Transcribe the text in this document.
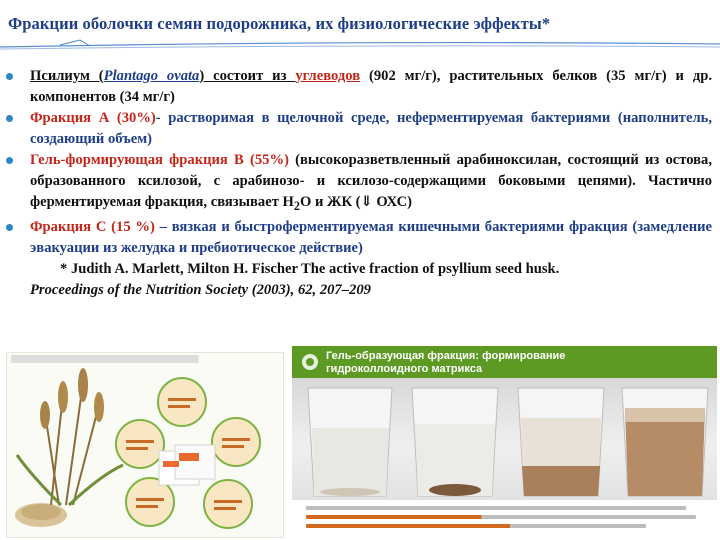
Фракции оболочки семян подорожника, их физиологические эффекты*
Псилиум (Plantago ovata) состоит из углеводов (902 мг/г), растительных белков (35 мг/г) и др. компонентов (34 мг/г)
Фракция А (30%)- растворимая в щелочной среде, неферментируемая бактериями (наполнитель, создающий объем)
Гель-формирующая фракция В (55%) (высокоразветвленный арабиноксилан, состоящий из остова, образованного ксилозой, с арабинозо- и ксилозо-содержащими боковыми цепями). Частично ферментируемая фракция, связывает $Н_2О$ и ЖК (⇓ ОХС)
Фракция С (15 %) – вязкая и быстроферментируемая кишечными бактериями фракция (замедление эвакуации из желудка и пребиотическое действие)
* Judith A. Marlett, Milton H. Fischer The active fraction of psyllium seed husk.
Proceedings of the Nutrition Society (2003), 62, 207–209
Гель-образующая фракция: формирование
гидроколлоидного матрикса
